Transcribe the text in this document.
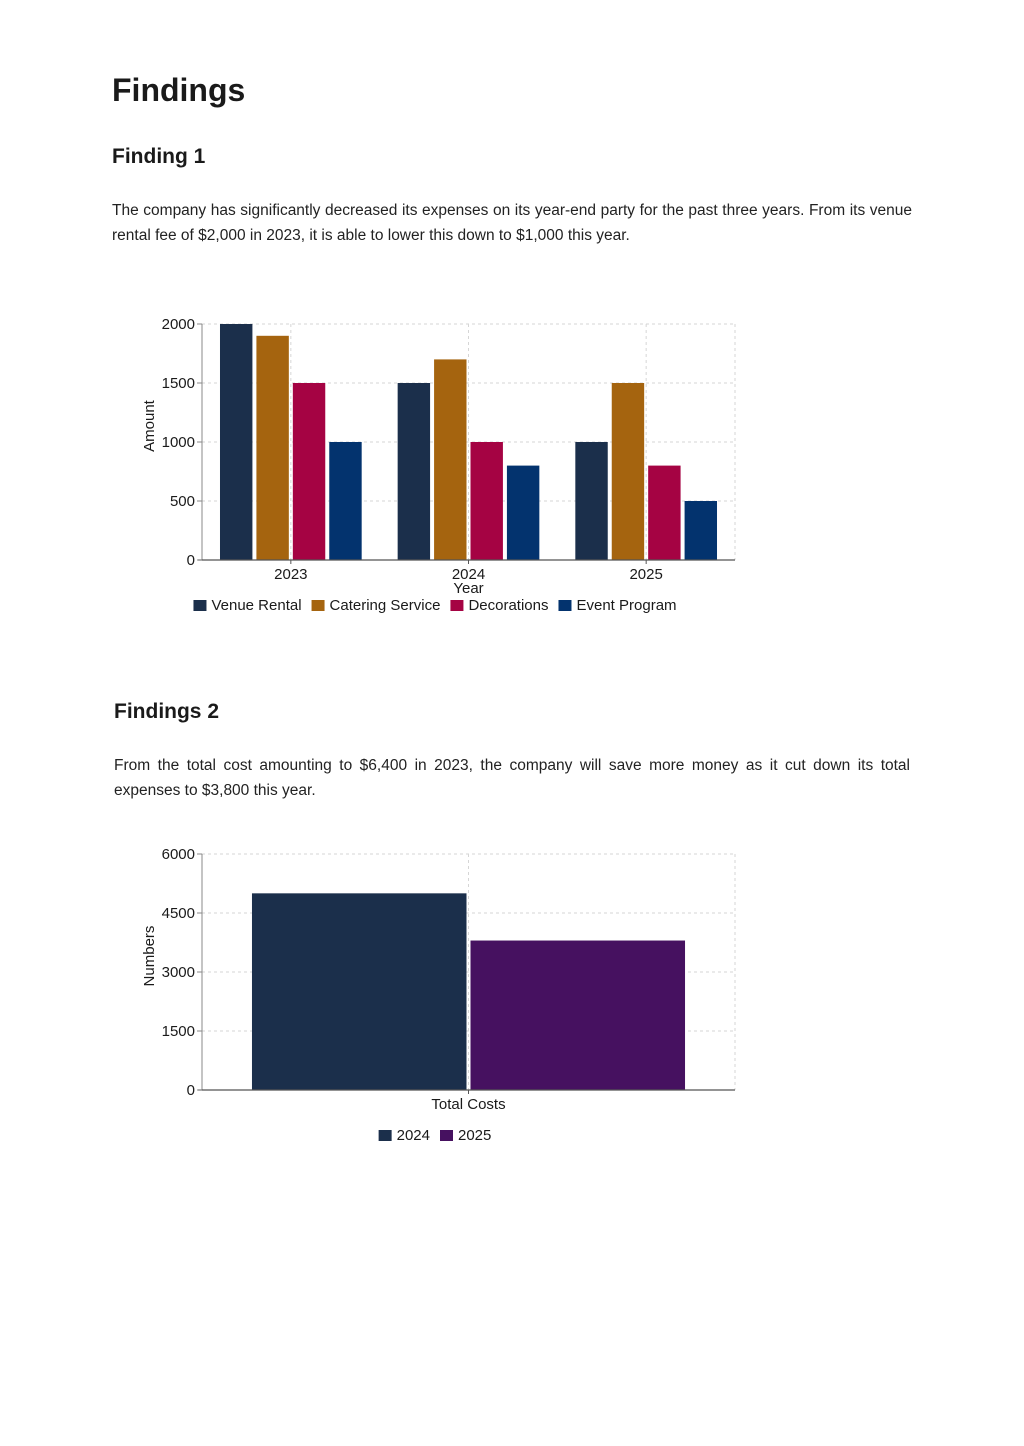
Findings
Finding 1

The company has significantly decreased its expenses on its year-end party for the past three years. From its venue rental fee of $2,000 in 2023, it is able to lower this down to $1,000 this year.

0
500
1000
1500
2000
2023	2024	2025
Year
Amount
Venue Rental Catering Service Decorations Event Program
Findings 2

From the total cost amounting to $6,400 in 2023, the company will save more money as it cut down its total expenses to $3,800 this year.

0
1500
3000
4500
6000
Total Costs
Numbers
2024 2025
